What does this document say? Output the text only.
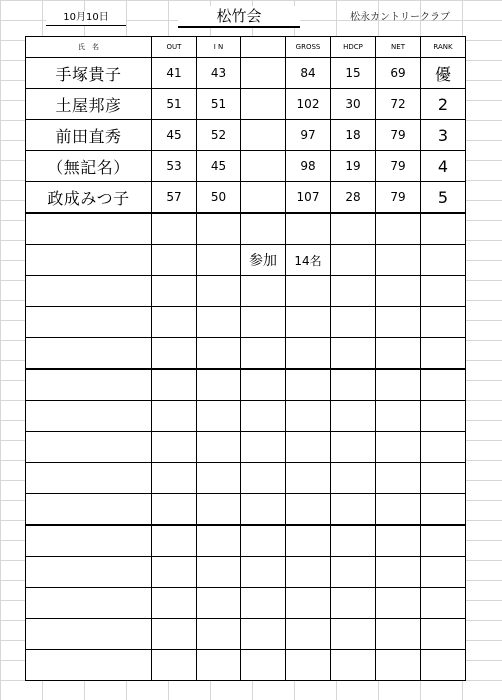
10月10日	松竹会	松永カントリークラブ
氏　名	OUT	I N		GROSS	HDCP	NET	RANK
手塚貴子	41	43		84	15	69	優
土屋邦彦	51	51		102	30	72	2
前田直秀	45	52		97	18	79	3
（無記名）	53	45		98	19	79	4
政成みつ子	57	50		107	28	79	5

			参加	14名			
